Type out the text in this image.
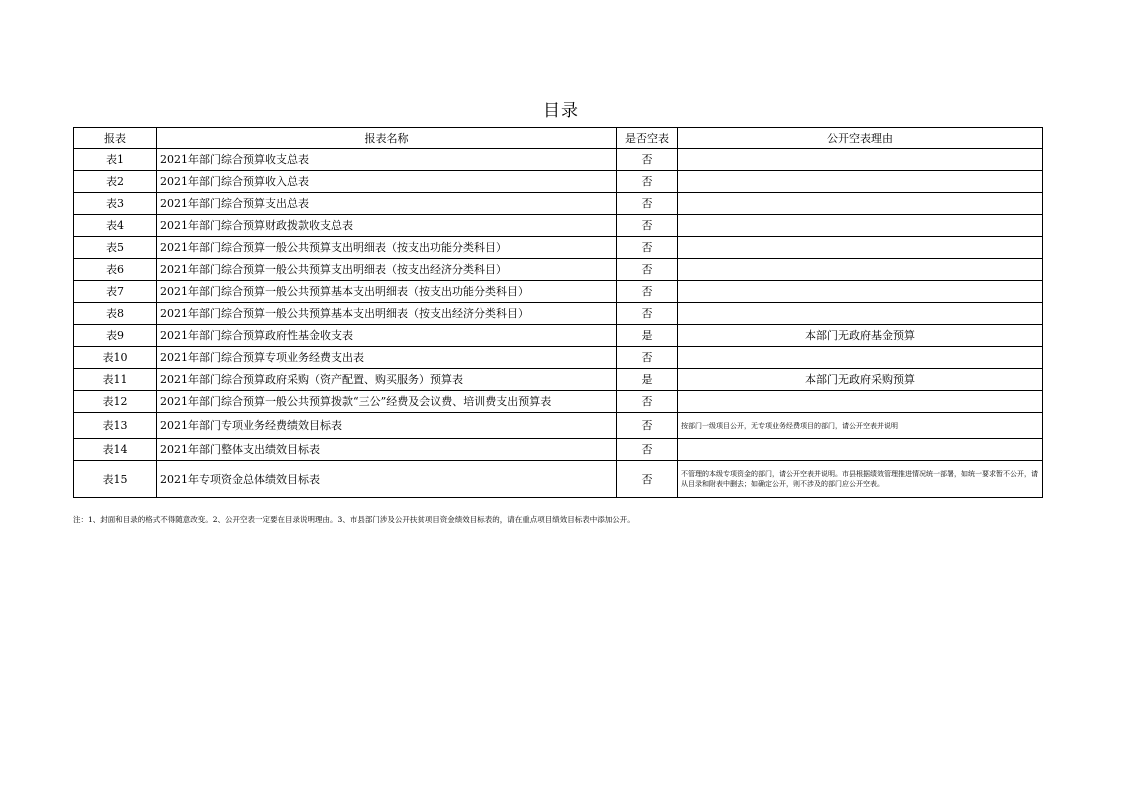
目录
报表	报表名称	是否空表	公开空表理由
表1	2021年部门综合预算收支总表	否	
表2	2021年部门综合预算收入总表	否	
表3	2021年部门综合预算支出总表	否	
表4	2021年部门综合预算财政拨款收支总表	否	
表5	2021年部门综合预算一般公共预算支出明细表（按支出功能分类科目）	否	
表6	2021年部门综合预算一般公共预算支出明细表（按支出经济分类科目）	否	
表7	2021年部门综合预算一般公共预算基本支出明细表（按支出功能分类科目）	否	
表8	2021年部门综合预算一般公共预算基本支出明细表（按支出经济分类科目）	否	
表9	2021年部门综合预算政府性基金收支表	是	本部门无政府基金预算
表10	2021年部门综合预算专项业务经费支出表	否	
表11	2021年部门综合预算政府采购（资产配置、购买服务）预算表	是	本部门无政府采购预算
表12	2021年部门综合预算一般公共预算拨款“三公”经费及会议费、培训费支出预算表	否	
表13	2021年部门专项业务经费绩效目标表	否	按部门一级项目公开，无专项业务经费项目的部门，请公开空表并说明
表14	2021年部门整体支出绩效目标表	否	
表15	2021年专项资金总体绩效目标表	否	不管理的本级专项资金的部门，请公开空表并说明。市县根据绩效管理推进情况统一部署，如统一要求暂不公开，请从目录和附表中删去；如确定公开，则不涉及的部门应公开空表。
注：1、封面和目录的格式不得随意改变。2、公开空表一定要在目录说明理由。3、市县部门涉及公开扶贫项目资金绩效目标表的，请在重点项目绩效目标表中添加公开。
